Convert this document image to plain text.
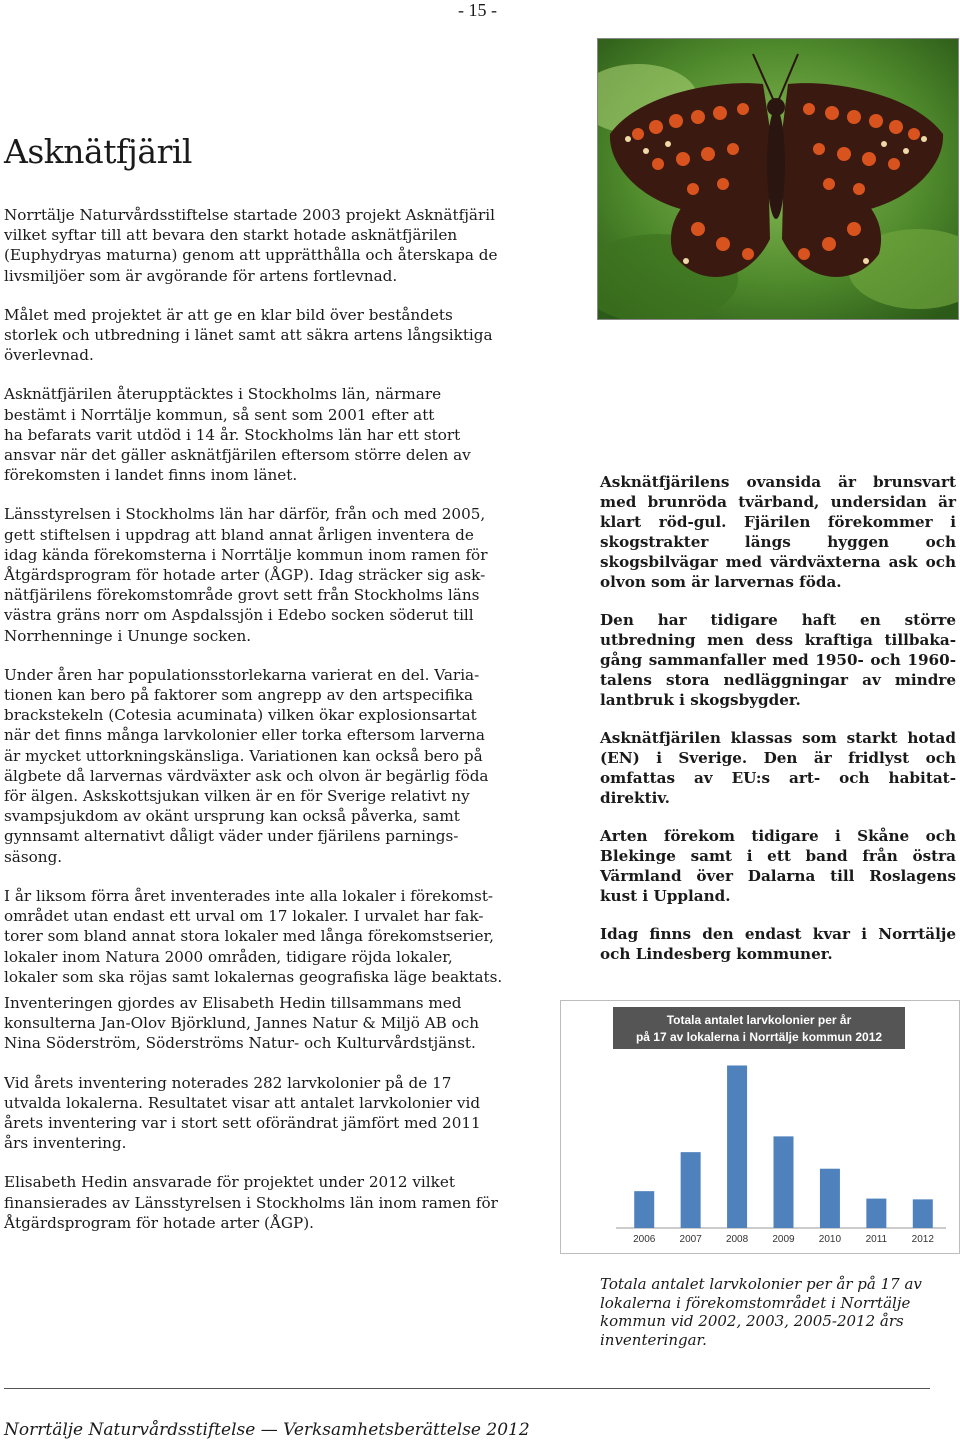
- 15 -
Asknätfjäril

Norrtälje Naturvårdsstiftelse startade 2003 projekt Asknätfjäril
vilket syftar till att bevara den starkt hotade asknätfjärilen
(Euphydryas maturna) genom att upprätthålla och återskapa de
livsmiljöer som är avgörande för artens fortlevnad.

Målet med projektet är att ge en klar bild över beståndets
storlek och utbredning i länet samt att säkra artens långsiktiga
överlevnad.

Asknätfjärilen återupptäcktes i Stockholms län, närmare
bestämt i Norrtälje kommun, så sent som 2001 efter att
ha befarats varit utdöd i 14 år. Stockholms län har ett stort
ansvar när det gäller asknätfjärilen eftersom större delen av
förekomsten i landet finns inom länet.

Länsstyrelsen i Stockholms län har därför, från och med 2005,
gett stiftelsen i uppdrag att bland annat årligen inventera de
idag kända förekomsterna i Norrtälje kommun inom ramen för
Åtgärdsprogram för hotade arter (ÅGP). Idag sträcker sig ask-
nätfjärilens förekomstområde grovt sett från Stockholms läns
västra gräns norr om Aspdalssjön i Edebo socken söderut till
Norrhenninge i Ununge socken.

Under åren har populationsstorlekarna varierat en del. Varia-
tionen kan bero på faktorer som angrepp av den artspecifika
brackstekeln (Cotesia acuminata) vilken ökar explosionsartat
när det finns många larvkolonier eller torka eftersom larverna
är mycket uttorkningskänsliga. Variationen kan också bero på
älgbete då larvernas värdväxter ask och olvon är begärlig föda
för älgen. Askskottsjukan vilken är en för Sverige relativt ny
svampsjukdom av okänt ursprung kan också påverka, samt
gynnsamt alternativt dåligt väder under fjärilens parnings-
säsong.

I år liksom förra året inventerades inte alla lokaler i förekomst-
området utan endast ett urval om 17 lokaler. I urvalet har fak-
torer som bland annat stora lokaler med långa förekomstserier,
lokaler inom Natura 2000 områden, tidigare röjda lokaler,
lokaler som ska röjas samt lokalernas geografiska läge beaktats.

Asknätfjärilens ovansida är brunsvart med brunröda tvärband, undersidan är klart röd-gul. Fjärilen förekommer i skogstrakter längs hyggen och skogsbilvägar med värdväxterna ask och olvon som är larvernas föda.

Den har tidigare haft en större utbredning men dess kraftiga tillbaka-gång sammanfaller med 1950- och 1960-talens stora nedläggningar av mindre lantbruk i skogsbygder.

Asknätfjärilen klassas som starkt hotad (EN) i Sverige. Den är fridlyst och omfattas av EU:s art- och habitat-direktiv.

Arten förekom tidigare i Skåne och Blekinge samt i ett band från östra Värmland över Dalarna till Roslagens kust i Uppland.

Idag finns den endast kvar i Norrtälje och Lindesberg kommuner.

Inventeringen gjordes av Elisabeth Hedin tillsammans med
konsulterna Jan-Olov Björklund, Jannes Natur & Miljö AB och
Nina Söderström, Söderströms Natur- och Kulturvårdstjänst.

Vid årets inventering noterades 282 larvkolonier på de 17
utvalda lokalerna. Resultatet visar att antalet larvkolonier vid
årets inventering var i stort sett oförändrat jämfört med 2011
års inventering.

Elisabeth Hedin ansvarade för projektet under 2012 vilket
finansierades av Länsstyrelsen i Stockholms län inom ramen för
Åtgärdsprogram för hotade arter (ÅGP).

Totala antalet larvkolonier per år
på 17 av lokalerna i Norrtälje kommun 2012
2006 2007 2008 2009 2010 2011 2012
Totala antalet larvkolonier per år på 17 av lokalerna i förekomstområdet i Norrtälje kommun vid 2002, 2003, 2005-2012 års inventeringar.
Norrtälje Naturvårdsstiftelse — Verksamhetsberättelse 2012
